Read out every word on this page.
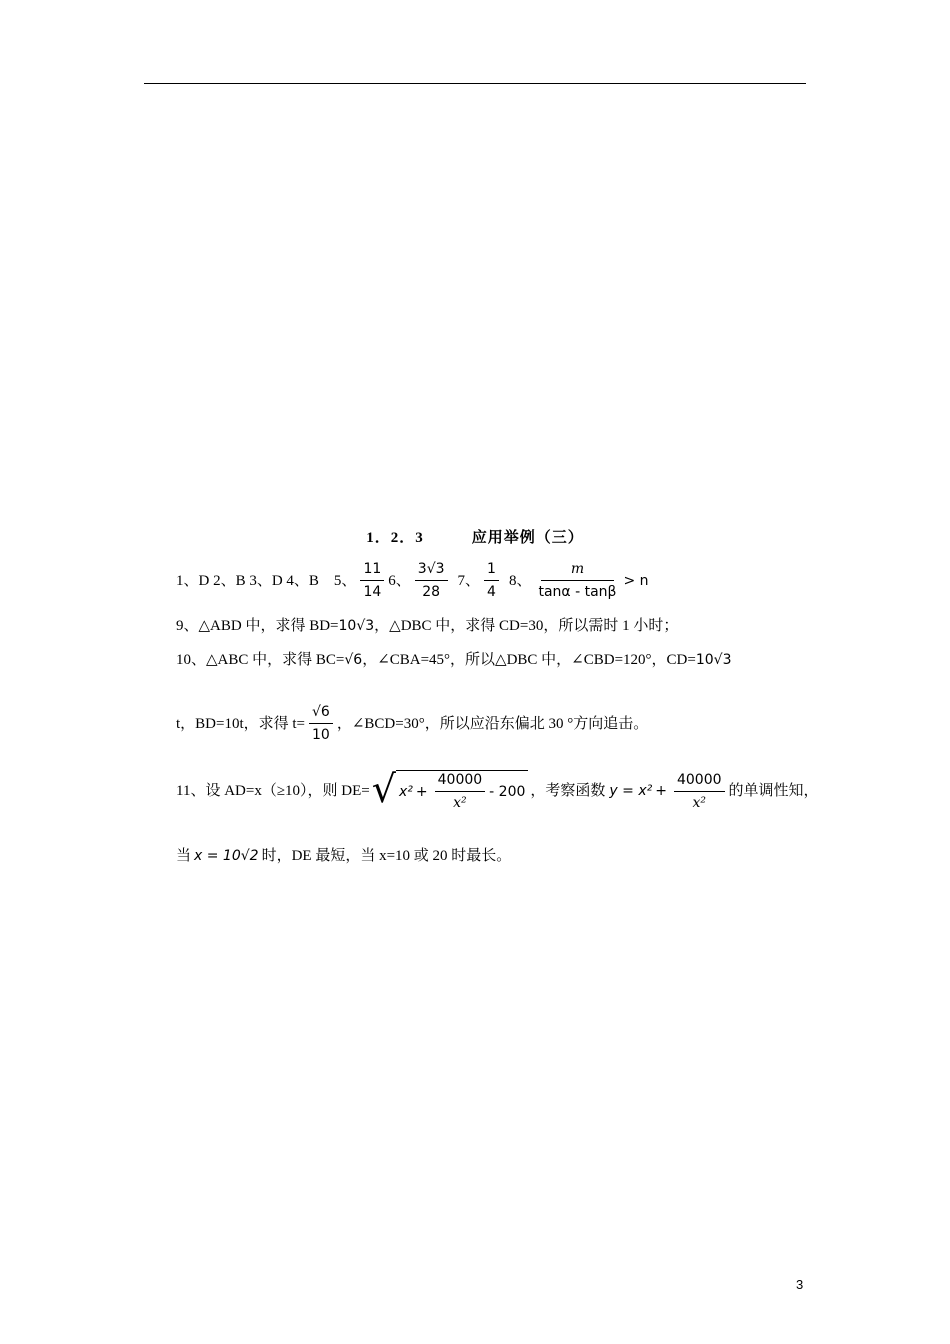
1．2．3	应用举例（三）
1、D 2、B 3、D 4、B　5、 $\frac{11}{14} 6$、 $\frac{3√3}{28} 7$、 $\frac{1}{4} 8$、 $\frac{m}{\tan\alpha - \tan\beta} > n$
9、△ABD 中，求得 BD= 10√3 ，△DBC 中，求得 CD=30，所以需时 1 小时；
10、△ABC 中，求得 BC= √6 ，∠CBA=45°，所以△DBC 中，∠CBD=120°，CD= 10√3
t，BD=10t，求得 $t= \frac{√6}{10}$ ，∠BCD=30°，所以应沿东偏北 30 °方向追击。
11、设 AD=x（≥10），则 DE= √ $x^2 + \frac{40000}{\text{x²}} - 200$ ，考察函数 $y = x^2 + \frac{40000}{\text{x²}}$ 的单调性知，
当 x = 10√2 时，DE 最短，当 x=10 或 20 时最长。
3
